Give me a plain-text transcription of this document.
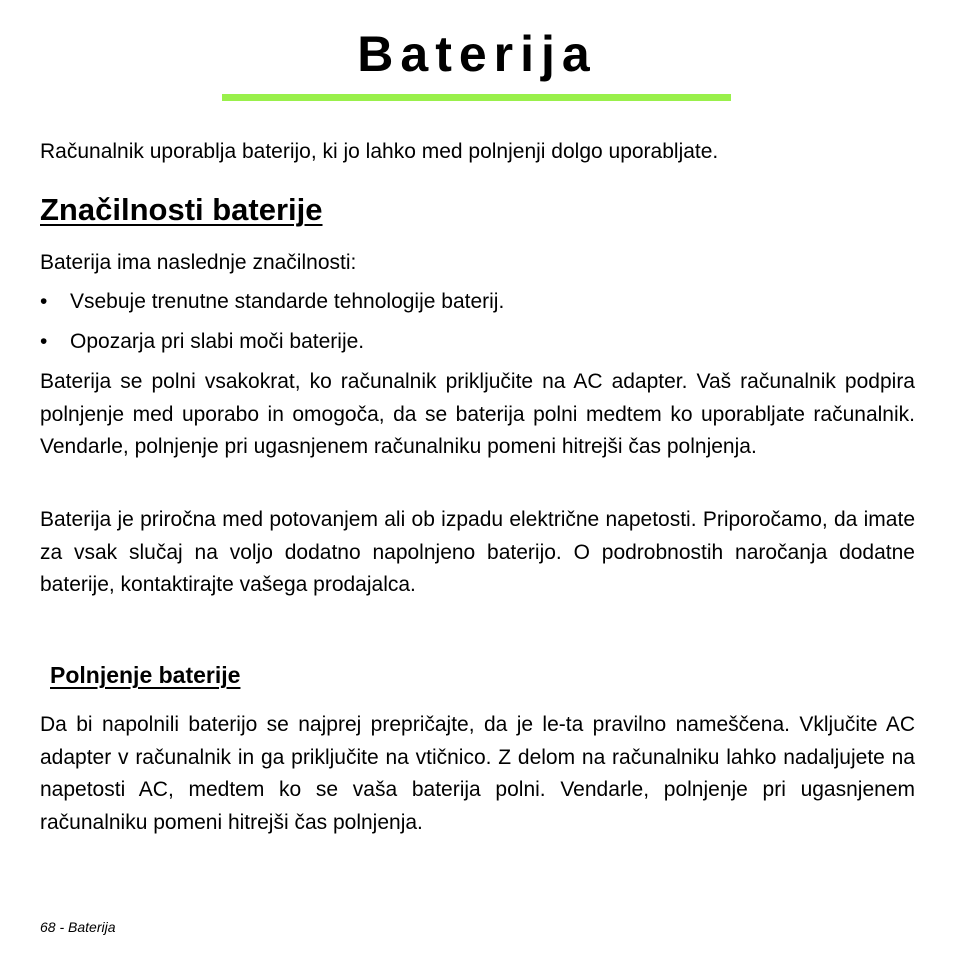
Baterija

Računalnik uporablja baterijo, ki jo lahko med polnjenji dolgo uporabljate.

Značilnosti baterije

Baterija ima naslednje značilnosti:

• Vsebuje trenutne standarde tehnologije baterij.
• Opozarja pri slabi moči baterije.

Baterija se polni vsakokrat, ko računalnik priključite na AC adapter. Vaš računalnik podpira polnjenje med uporabo in omogoča, da se baterija polni medtem ko uporabljate računalnik. Vendarle, polnjenje pri ugasnjenem računalniku pomeni hitrejši čas polnjenja.

Baterija je priročna med potovanjem ali ob izpadu električne napetosti. Priporočamo, da imate za vsak slučaj na voljo dodatno napolnjeno baterijo. O podrobnostih naročanja dodatne baterije, kontaktirajte vašega prodajalca.

Polnjenje baterije

Da bi napolnili baterijo se najprej prepričajte, da je le-ta pravilno nameščena. Vključite AC adapter v računalnik in ga priključite na vtičnico. Z delom na računalniku lahko nadaljujete na napetosti AC, medtem ko se vaša baterija polni. Vendarle, polnjenje pri ugasnjenem računalniku pomeni hitrejši čas polnjenja.

68 - Baterija
